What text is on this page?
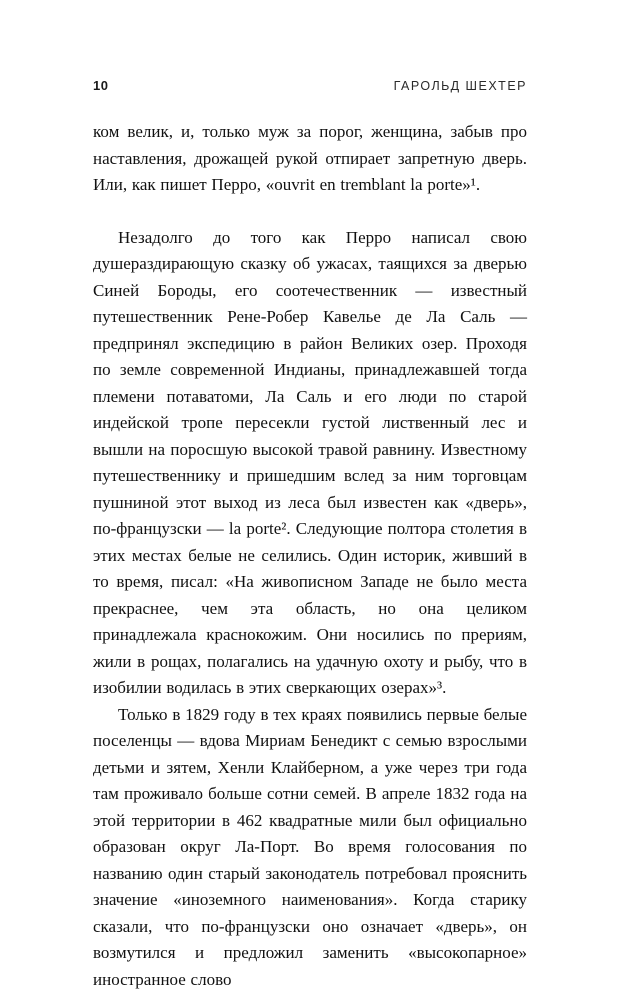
10	ГАРОЛЬД ШЕХТЕР

ком велик, и, только муж за порог, женщина, забыв про наставления, дрожащей рукой отпирает запретную дверь. Или, как пишет Перро, «ouvrit en tremblant la porte»¹.

Незадолго до того как Перро написал свою душераздирающую сказку об ужасах, таящихся за дверью Синей Бороды, его соотечественник — известный путешественник Рене-Робер Кавелье де Ла Саль — предпринял экспедицию в район Великих озер. Проходя по земле современной Индианы, принадлежавшей тогда племени потаватоми, Ла Саль и его люди по старой индейской тропе пересекли густой лиственный лес и вышли на поросшую высокой травой равнину. Известному путешественнику и пришедшим вслед за ним торговцам пушниной этот выход из леса был известен как «дверь», по-французски — la porte². Следующие полтора столетия в этих местах белые не селились. Один историк, живший в то время, писал: «На живописном Западе не было места прекраснее, чем эта область, но она целиком принадлежала краснокожим. Они носились по прериям, жили в рощах, полагались на удачную охоту и рыбу, что в изобилии водилась в этих сверкающих озерах»³.

Только в 1829 году в тех краях появились первые белые поселенцы — вдова Мириам Бенедикт с семью взрослыми детьми и зятем, Хенли Клайберном, а уже через три года там проживало больше сотни семей. В апреле 1832 года на этой территории в 462 квадратные мили был официально образован округ Ла-Порт. Во время голосования по названию один старый законодатель потребовал прояснить значение «иноземного наименования». Когда старику сказали, что по-французски оно означает «дверь», он возмутился и предложил заменить «высокопарное» иностранное слово
